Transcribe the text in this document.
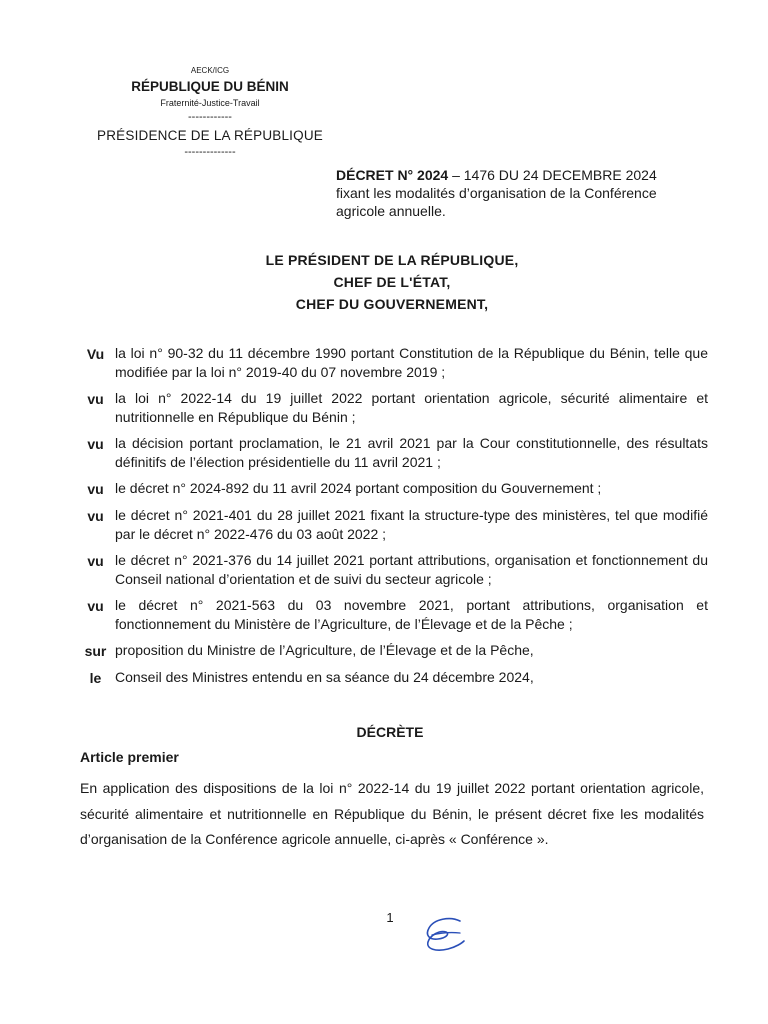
AECK/ICG
RÉPUBLIQUE DU BÉNIN
Fraternité-Justice-Travail
------------
PRÉSIDENCE DE LA RÉPUBLIQUE
--------------
DÉCRET N° 2024 – 1476 DU 24 DECEMBRE 2024
fixant les modalités d’organisation de la Conférence agricole annuelle.
LE PRÉSIDENT DE LA RÉPUBLIQUE,
CHEF DE L'ÉTAT,
CHEF DU GOUVERNEMENT,
Vu la loi n° 90-32 du 11 décembre 1990 portant Constitution de la République du Bénin, telle que modifiée par la loi n° 2019-40 du 07 novembre 2019 ;
vu la loi n° 2022-14 du 19 juillet 2022 portant orientation agricole, sécurité alimentaire et nutritionnelle en République du Bénin ;
vu la décision portant proclamation, le 21 avril 2021 par la Cour constitutionnelle, des résultats définitifs de l’élection présidentielle du 11 avril 2021 ;
vu le décret n° 2024-892 du 11 avril 2024 portant composition du Gouvernement ;
vu le décret n° 2021-401 du 28 juillet 2021 fixant la structure-type des ministères, tel que modifié par le décret n° 2022-476 du 03 août 2022 ;
vu le décret n° 2021-376 du 14 juillet 2021 portant attributions, organisation et fonctionnement du Conseil national d’orientation et de suivi du secteur agricole ;
vu le décret n° 2021-563 du 03 novembre 2021, portant attributions, organisation et fonctionnement du Ministère de l’Agriculture, de l’Élevage et de la Pêche ;
sur proposition du Ministre de l’Agriculture, de l’Élevage et de la Pêche,
le Conseil des Ministres entendu en sa séance du 24 décembre 2024,
DÉCRÈTE
Article premier
En application des dispositions de la loi n° 2022-14 du 19 juillet 2022 portant orientation agricole, sécurité alimentaire et nutritionnelle en République du Bénin, le présent décret fixe les modalités d’organisation de la Conférence agricole annuelle, ci-après « Conférence ».
1
